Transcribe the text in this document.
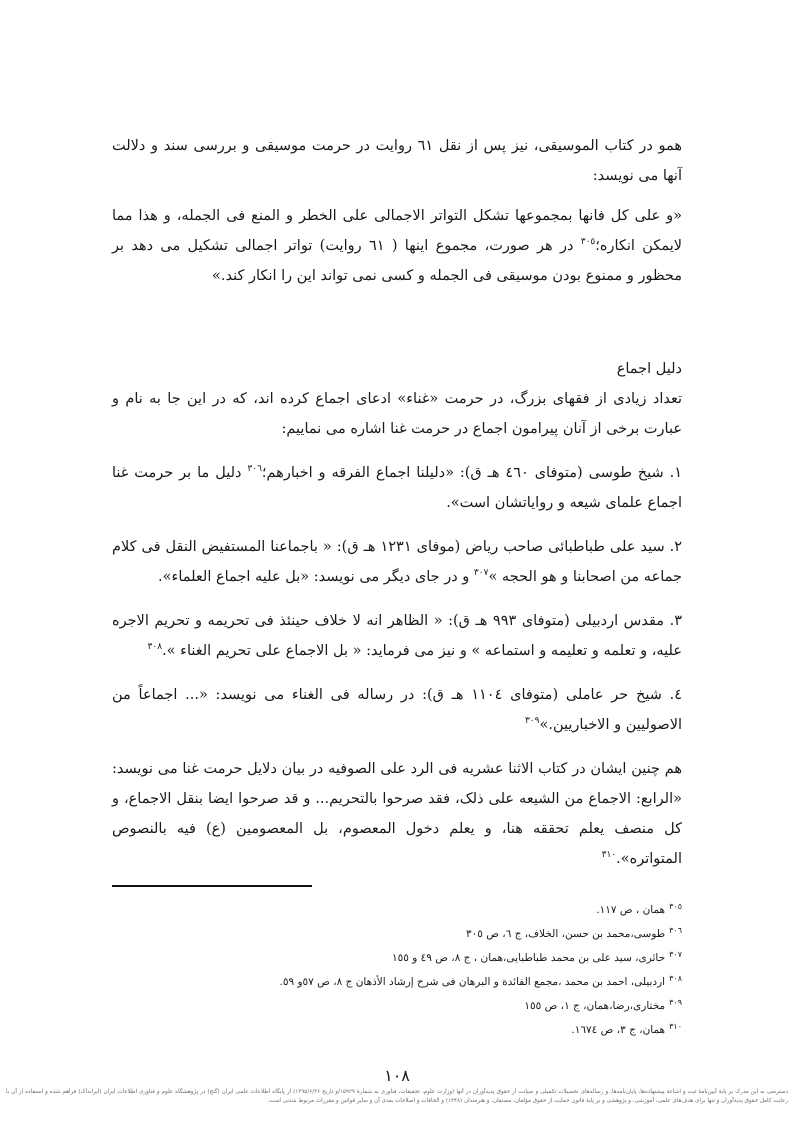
همو در کتاب الموسیقی، نیز پس از نقل ٦١ روایت در حرمت موسیقی و بررسی سند و دلالت آنها می نویسد:

«و علی کل فانها بمجموعها تشکل التواتر الاجمالی علی الخطر و المنع فی الجمله، و هذا مما لایمکن انکاره؛$^{٣٠٥}$ در هر صورت، مجموع اینها ( ٦١ روایت) تواتر اجمالی تشکیل می دهد بر محظور و ممنوع بودن موسیقی فی الجمله و کسی نمی تواند این را انکار کند.»

دلیل اجماع

تعداد زیادی از فقهای بزرگ، در حرمت «غناء» ادعای اجماع کرده اند، که در این جا به نام و عبارت برخی از آنان پیرامون اجماع در حرمت غنا اشاره می نماییم:

١. شیخ طوسی (متوفای ٤٦٠ هـ ق): «دلیلنا اجماع الفرقه و اخبارهم؛$^{٣٠٦}$ دلیل ما بر حرمت غنا اجماع علمای شیعه و روایاتشان است».

٢. سید علی طباطبائی صاحب ریاض (موفای ١٢٣١ هـ ق): « باجماعنا المستفیض النقل فی کلام جماعه من اصحابنا و هو الحجه »$^{٣٠٧}$ و در جای دیگر می نویسد: «بل علیه اجماع العلماء».

٣. مقدس اردبیلی (متوفای ٩٩٣ هـ ق): « الظاهر انه لا خلاف حینئذ فی تحریمه و تحریم الاجره علیه، و تعلمه و تعلیمه و استماعه » و نیز می فرماید: « بل الاجماع علی تحریم الغناء ».$^{٣٠٨}$

٤. شیخ حر عاملی (متوفای ١١٠٤ هـ ق): در رساله فی الغناء می نویسد: «... اجماعاً من الاصولیین و الاخباریین.»$^{٣٠٩}$

هم چنین ایشان در کتاب الاثنا عشریه فی الرد علی الصوفیه در بیان دلایل حرمت غنا می نویسد: «الرابع: الاجماع من الشیعه علی ذلک، فقد صرحوا بالتحریم... و قد صرحوا ایضا بنقل الاجماع، و کل منصف یعلم تحققه هنا، و یعلم دخول المعصوم، بل المعصومین (ع) فیه بالنصوص المتواتره».$^{٣١٠}$

$^{٣٠٥}$همان ، ص ١١٧.
$^{٣٠٦}$طوسی،محمد بن حسن، الخلاف، ج ٦، ص ٣٠٥
$^{٣٠٧}$حائری، سید علی بن محمد طباطبایی،همان ، ج ٨، ص ٤٩ و ١٥٥
$^{٣٠٨}$اردبیلی، احمد بن محمد ،مجمع الفائدة و البرهان فی شرح إرشاد الأذهان ج ٨، ص ٥٧و ٥٩.
$^{٣٠٩}$مختاری،رضا،همان، ج ١، ص ١٥٥
$^{٣١٠}$همان، ج ٣، ص ١٦٧٤.
١٠٨
دسترسی به این مدرک بر پایهٔ آیین‌نامهٔ ثبت و اشاعهٔ پیشنهاده‌ها، پایان‌نامه‌ها، و رساله‌های تحصیلات تکمیلی و صیانت از حقوق پدیدآوران در آنها (وزارت علوم، تحقیقات، فناوری به شمارهٔ ۱۵۹۲۹/و تاریخ ۱۳۹۵/۶/۲۶) از پایگاه اطلاعات علمی ایران (گنج) در پژوهشگاه علوم و فناوری اطلاعات ایران (ایرانداک) فراهم شده و استفاده از آن با رعایت کامل حقوق پدیدآوران و تنها برای هدف‌های علمی، آموزشی، و پژوهشی و بر پایهٔ قانون حمایت از حقوق مؤلفان، مصنفان، و هنرمندان (۱۳۴۸) و الحاقات و اصلاحات بعدی آن و سایر قوانین و مقررات مربوط شدنی است.
